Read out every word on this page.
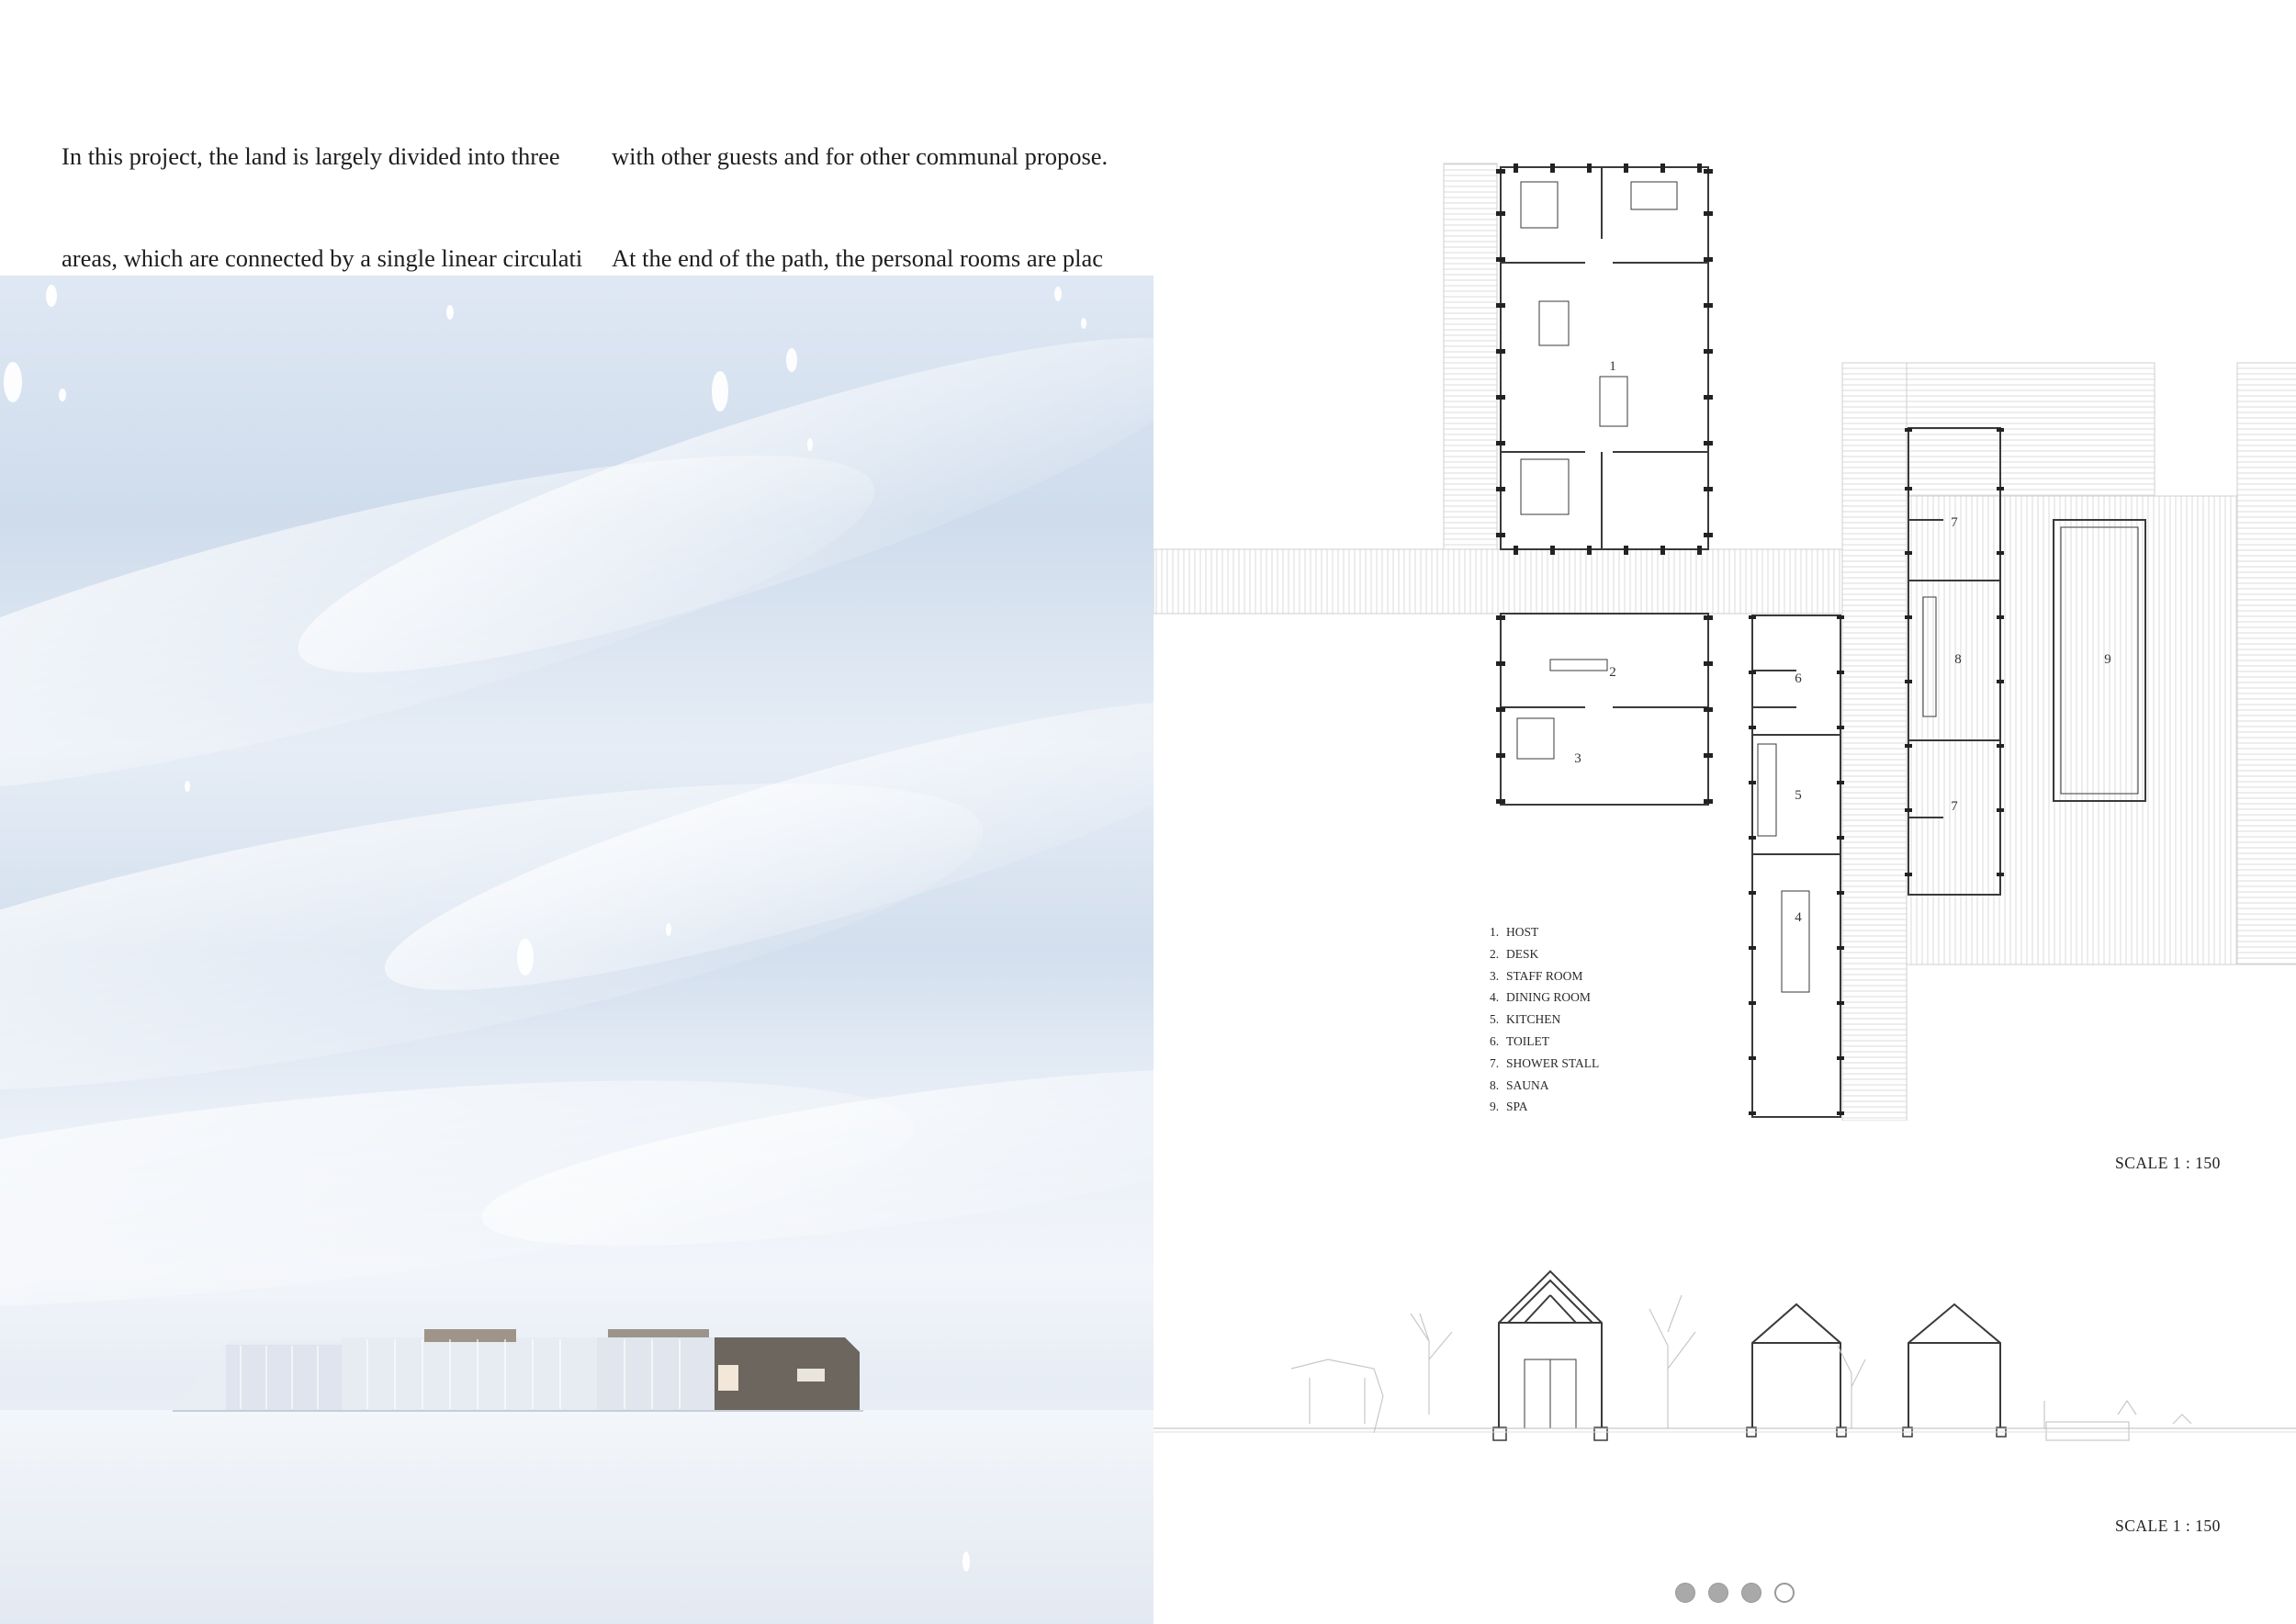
In this project, the land is largely divided into three

areas, which are connected by a single linear circulati

with other guests and for other communal propose.

At the end of the path, the personal rooms are plac

1
2
3
4
5
6
7
7
8	9
1. HOST
2. DESK
3. STAFF ROOM
4. DINING ROOM
5. KITCHEN
6. TOILET
7. SHOWER STALL
8. SAUNA
9. SPA
SCALE 1 : 150
SCALE 1 : 150
